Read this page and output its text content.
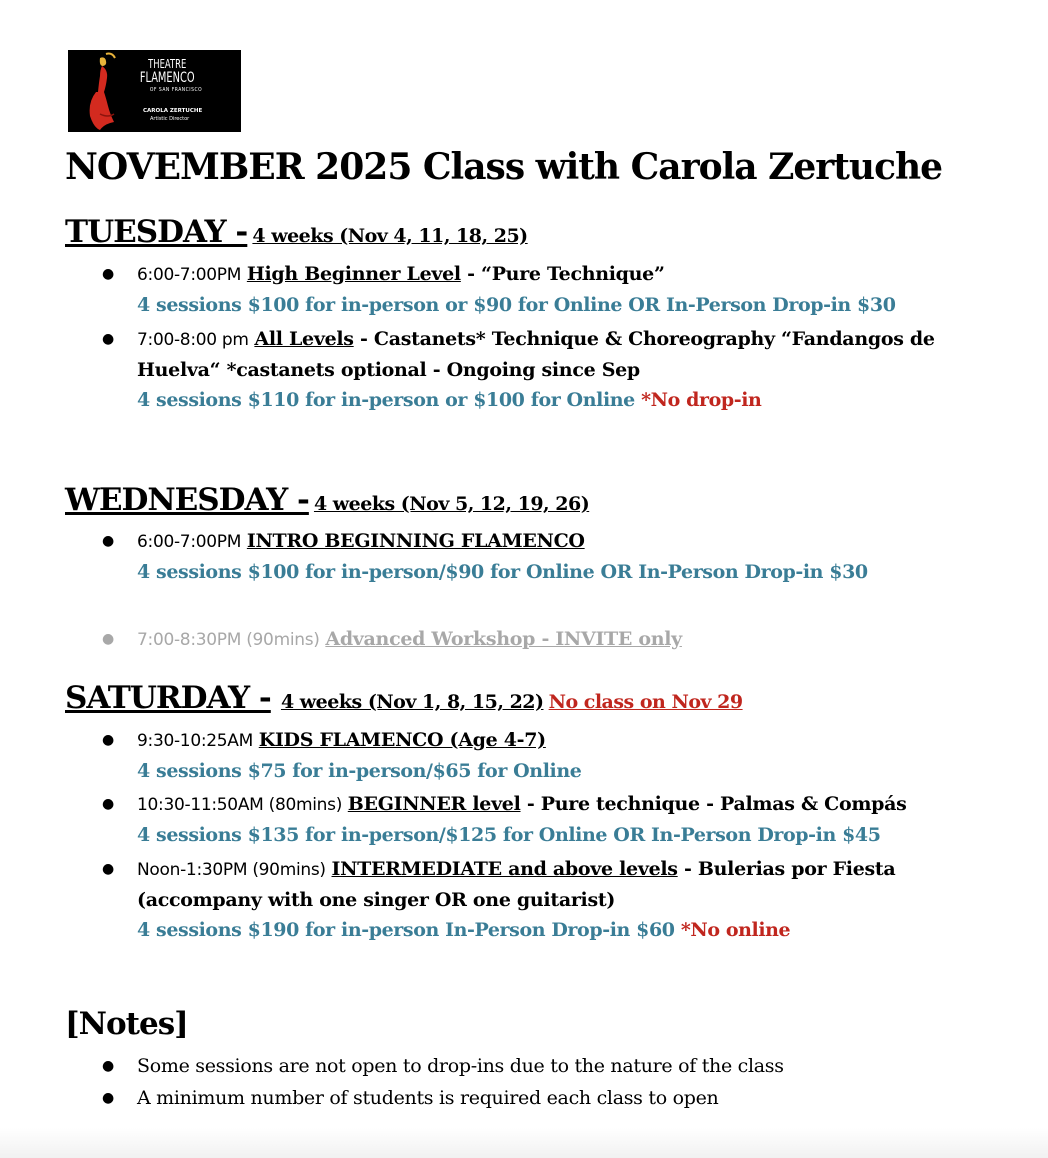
THEATRE
FLAMENCO
OF SAN FRANCISCO
CAROLA ZERTUCHE
Artistic Director
NOVEMBER 2025 Class with Carola Zertuche
TUESDAY - 4 weeks (Nov 4, 11, 18, 25)
● 6:00-7:00PM High Beginner Level - “Pure Technique”
4 sessions $100 for in-person or $90 for Online OR In-Person Drop-in $30
● 7:00-8:00 pm All Levels - Castanets* Technique & Choreography “Fandangos de Huelva“ *castanets optional - Ongoing since Sep
4 sessions $110 for in-person or $100 for Online *No drop-in
WEDNESDAY - 4 weeks (Nov 5, 12, 19, 26)
● 6:00-7:00PM INTRO BEGINNING FLAMENCO
4 sessions $100 for in-person/$90 for Online OR In-Person Drop-in $30
● 7:00-8:30PM (90mins) Advanced Workshop - INVITE only
SATURDAY - 4 weeks (Nov 1, 8, 15, 22) No class on Nov 29
● 9:30-10:25AM KIDS FLAMENCO (Age 4-7)
4 sessions $75 for in-person/$65 for Online
● 10:30-11:50AM (80mins) BEGINNER level - Pure technique - Palmas & Compás
4 sessions $135 for in-person/$125 for Online OR In-Person Drop-in $45
● Noon-1:30PM (90mins) INTERMEDIATE and above levels - Bulerias por Fiesta (accompany with one singer OR one guitarist)
4 sessions $190 for in-person In-Person Drop-in $60 *No online
[Notes]
● Some sessions are not open to drop-ins due to the nature of the class
● A minimum number of students is required each class to open
